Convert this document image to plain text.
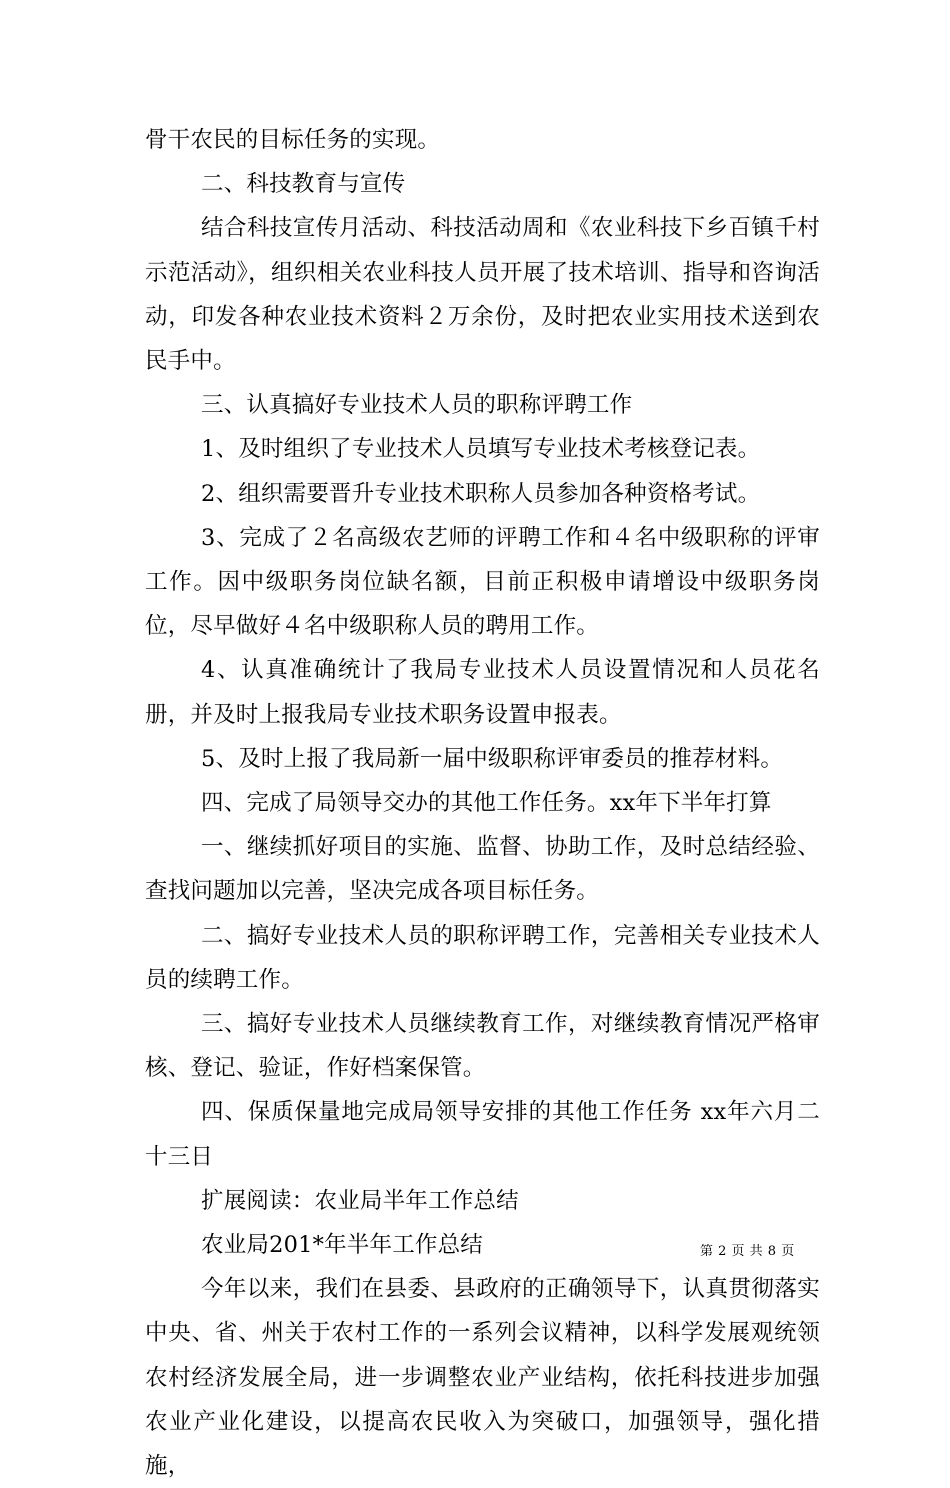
骨干农民的目标任务的实现。

二、科技教育与宣传

结合科技宣传月活动、科技活动周和《农业科技下乡百镇千村示范活动》，组织相关农业科技人员开展了技术培训、指导和咨询活动，印发各种农业技术资料２万余份，及时把农业实用技术送到农民手中。

三、认真搞好专业技术人员的职称评聘工作

1、及时组织了专业技术人员填写专业技术考核登记表。

2、组织需要晋升专业技术职称人员参加各种资格考试。

3、完成了２名高级农艺师的评聘工作和４名中级职称的评审工作。因中级职务岗位缺名额，目前正积极申请增设中级职务岗位，尽早做好４名中级职称人员的聘用工作。

4、认真准确统计了我局专业技术人员设置情况和人员花名册，并及时上报我局专业技术职务设置申报表。

5、及时上报了我局新一届中级职称评审委员的推荐材料。

四、完成了局领导交办的其他工作任务。xx年下半年打算

一、继续抓好项目的实施、监督、协助工作，及时总结经验、查找问题加以完善，坚决完成各项目标任务。

二、搞好专业技术人员的职称评聘工作，完善相关专业技术人员的续聘工作。

三、搞好专业技术人员继续教育工作，对继续教育情况严格审核、登记、验证，作好档案保管。

四、保质保量地完成局领导安排的其他工作任务 xx年六月二十三日

扩展阅读：农业局半年工作总结

农业局201*年半年工作总结

今年以来，我们在县委、县政府的正确领导下，认真贯彻落实中央、省、州关于农村工作的一系列会议精神，以科学发展观统领农村经济发展全局，进一步调整农业产业结构，依托科技进步加强农业产业化建设，以提高农民收入为突破口，加强领导，强化措施，

第 2 页 共 8 页
